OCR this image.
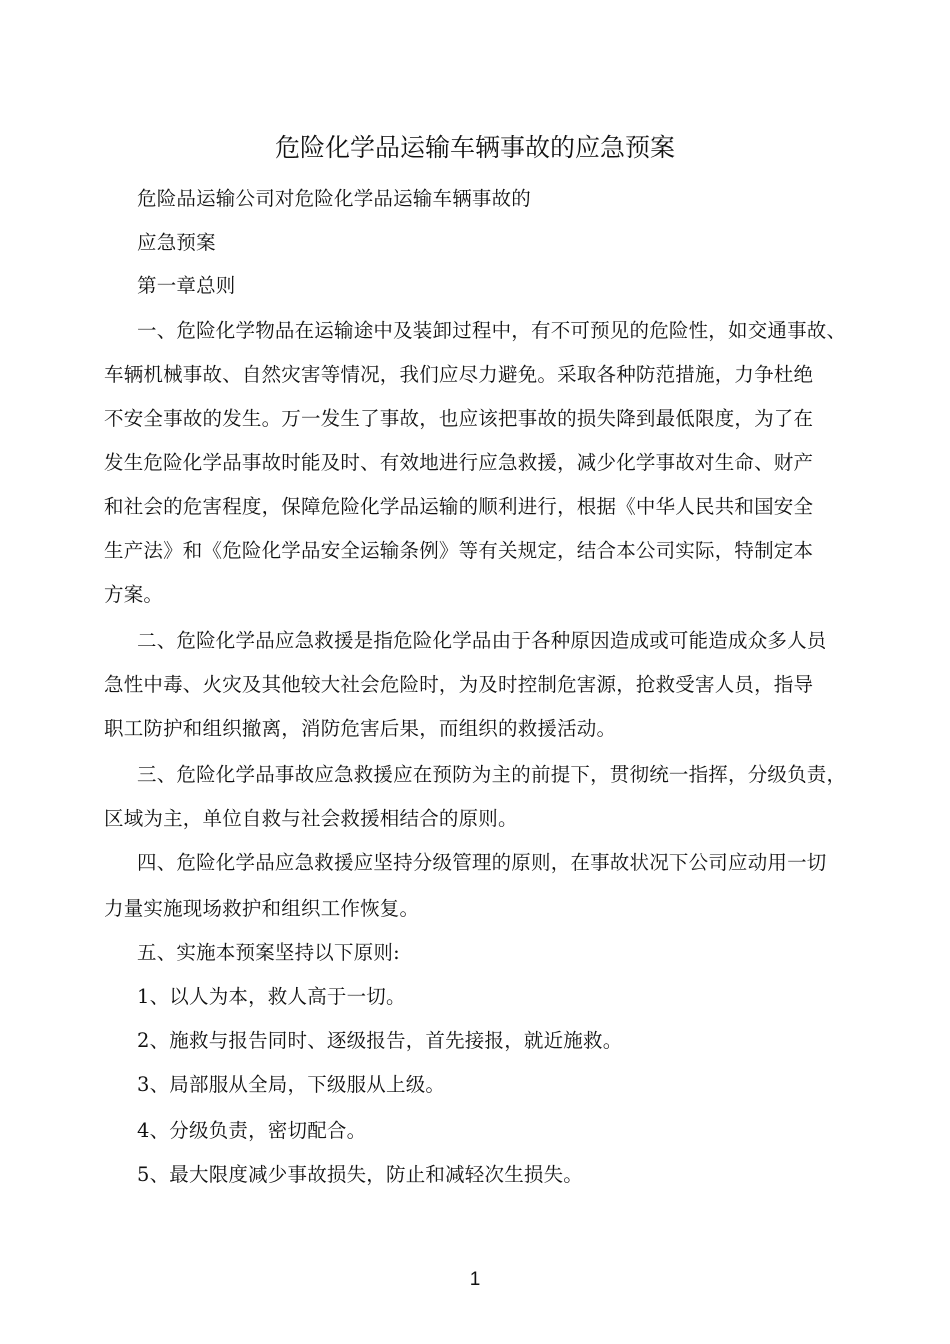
危险化学品运输车辆事故的应急预案

危险品运输公司对危险化学品运输车辆事故的

应急预案

第一章总则

一、危险化学物品在运输途中及装卸过程中，有不可预见的危险性，如交通事故、

车辆机械事故、自然灾害等情况，我们应尽力避免。采取各种防范措施，力争杜绝

不安全事故的发生。万一发生了事故，也应该把事故的损失降到最低限度，为了在

发生危险化学品事故时能及时、有效地进行应急救援，减少化学事故对生命、财产

和社会的危害程度，保障危险化学品运输的顺利进行，根据《中华人民共和国安全

生产法》和《危险化学品安全运输条例》等有关规定，结合本公司实际，特制定本

方案。

二、危险化学品应急救援是指危险化学品由于各种原因造成或可能造成众多人员

急性中毒、火灾及其他较大社会危险时，为及时控制危害源，抢救受害人员，指导

职工防护和组织撤离，消防危害后果，而组织的救援活动。

三、危险化学品事故应急救援应在预防为主的前提下，贯彻统一指挥，分级负责，

区域为主，单位自救与社会救援相结合的原则。

四、危险化学品应急救援应坚持分级管理的原则，在事故状况下公司应动用一切

力量实施现场救护和组织工作恢复。

五、实施本预案坚持以下原则:

1、以人为本，救人高于一切。

2、施救与报告同时、逐级报告，首先接报，就近施救。

3、局部服从全局，下级服从上级。

4、分级负责，密切配合。

5、最大限度减少事故损失，防止和减轻次生损失。

1
